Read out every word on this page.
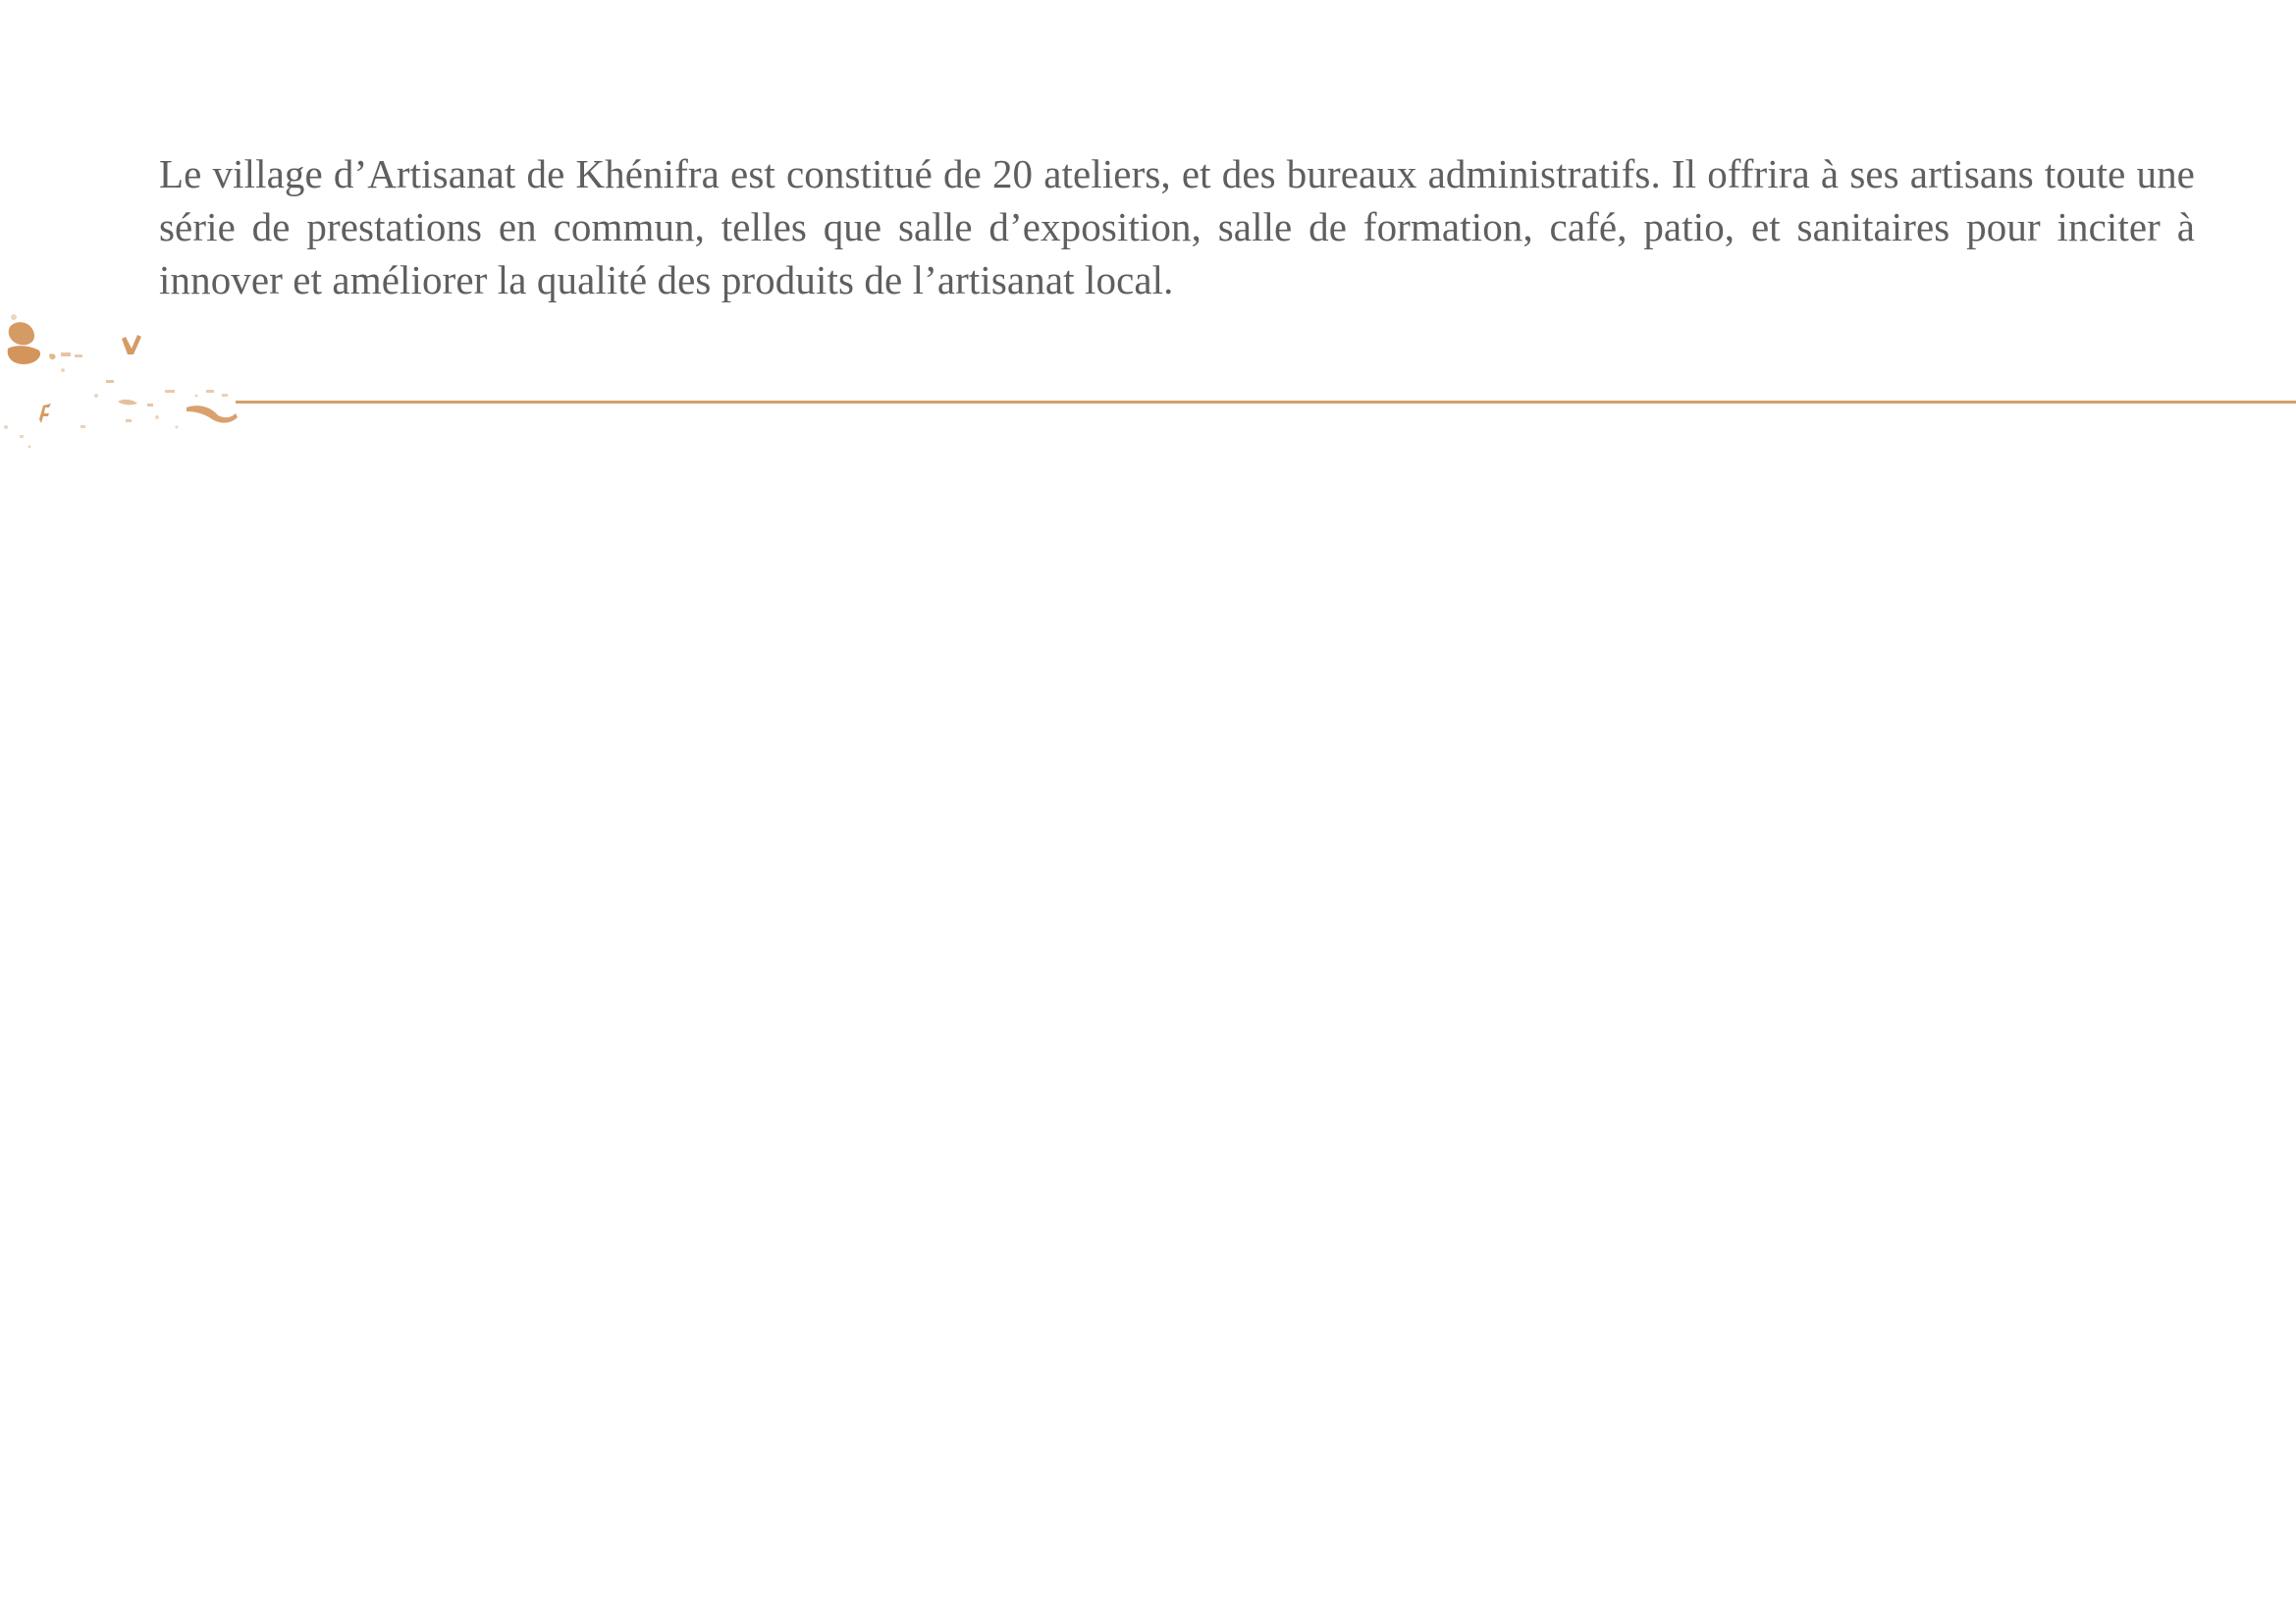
Le village d’Artisanat de Khénifra est constitué de 20 ateliers, et des bureaux administratifs. Il offrira à ses artisans toute une série de prestations en commun, telles que salle d’exposition, salle de formation, café, patio, et sanitaires pour inciter à innover et améliorer la qualité des produits de l’artisanat local.
